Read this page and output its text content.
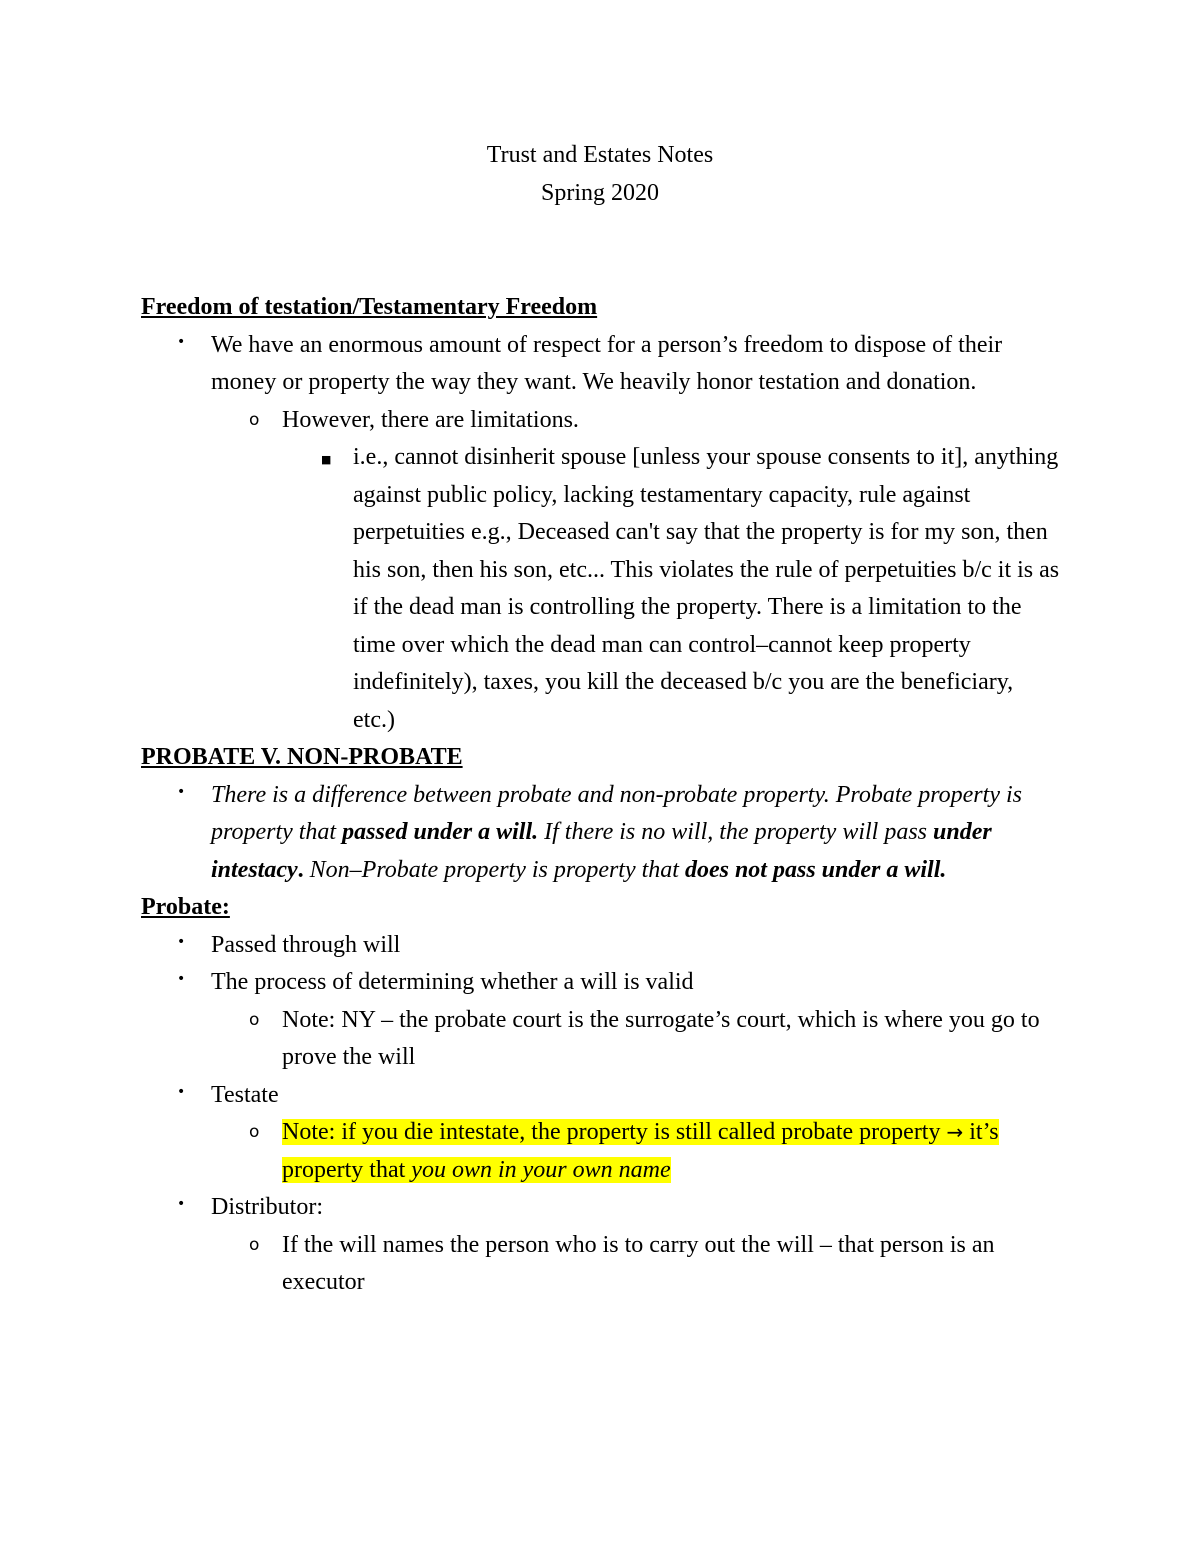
Trust and Estates Notes
Spring 2020

Freedom of testation/Testamentary Freedom

• We have an enormous amount of respect for a person’s freedom to dispose of their money or property the way they want. We heavily honor testation and donation.
o However, there are limitations.
■ i.e., cannot disinherit spouse [unless your spouse consents to it], anything against public policy, lacking testamentary capacity, rule against perpetuities e.g., Deceased can't say that the property is for my son, then his son, then his son, etc... This violates the rule of perpetuities b/c it is as if the dead man is controlling the property. There is a limitation to the time over which the dead man can control–cannot keep property indefinitely), taxes, you kill the deceased b/c you are the beneficiary, etc.)

PROBATE V. NON-PROBATE

• There is a difference between probate and non-probate property. Probate property is property that passed under a will. If there is no will, the property will pass under intestacy. Non–Probate property is property that does not pass under a will.

Probate:

• Passed through will
• The process of determining whether a will is valid
o Note: NY – the probate court is the surrogate’s court, which is where you go to prove the will
• Testate
o Note: if you die intestate, the property is still called probate property → it’s property that you own in your own name
• Distributor:
o If the will names the person who is to carry out the will – that person is an executor
